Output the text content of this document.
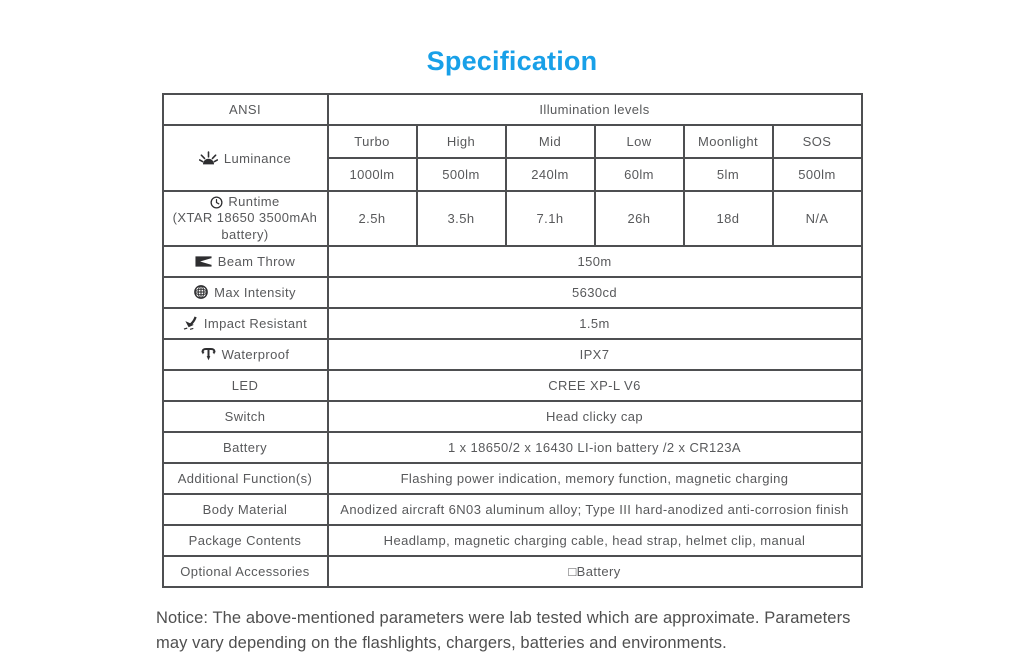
Specification
ANSI	Illumination levels					

Luminance	Turbo	High	Mid	Low	Moonlight	SOS
	1000lm	500lm	240lm	60lm	5lm	500lm

Runtime
(XTAR 18650 3500mAh battery)	2.5h	3.5h	7.1h	26h	18d	N/A

Beam Throw	150m					

Max Intensity	5630cd					

Impact Resistant	1.5m					

Waterproof	IPX7					
LED	CREE XP-L V6					
Switch	Head clicky cap					
Battery	1 x 18650/2 x 16430 LI-ion battery /2 x CR123A					
Additional Function(s)	Flashing power indication, memory function, magnetic charging					
Body Material	Anodized aircraft 6N03 aluminum alloy; Type III hard-anodized anti-corrosion finish					
Package Contents	Headlamp, magnetic charging cable, head strap, helmet clip, manual					
Optional Accessories	□Battery					

Notice: The above-mentioned parameters were lab tested which are approximate. Parameters may vary depending on the flashlights, chargers, batteries and environments.
